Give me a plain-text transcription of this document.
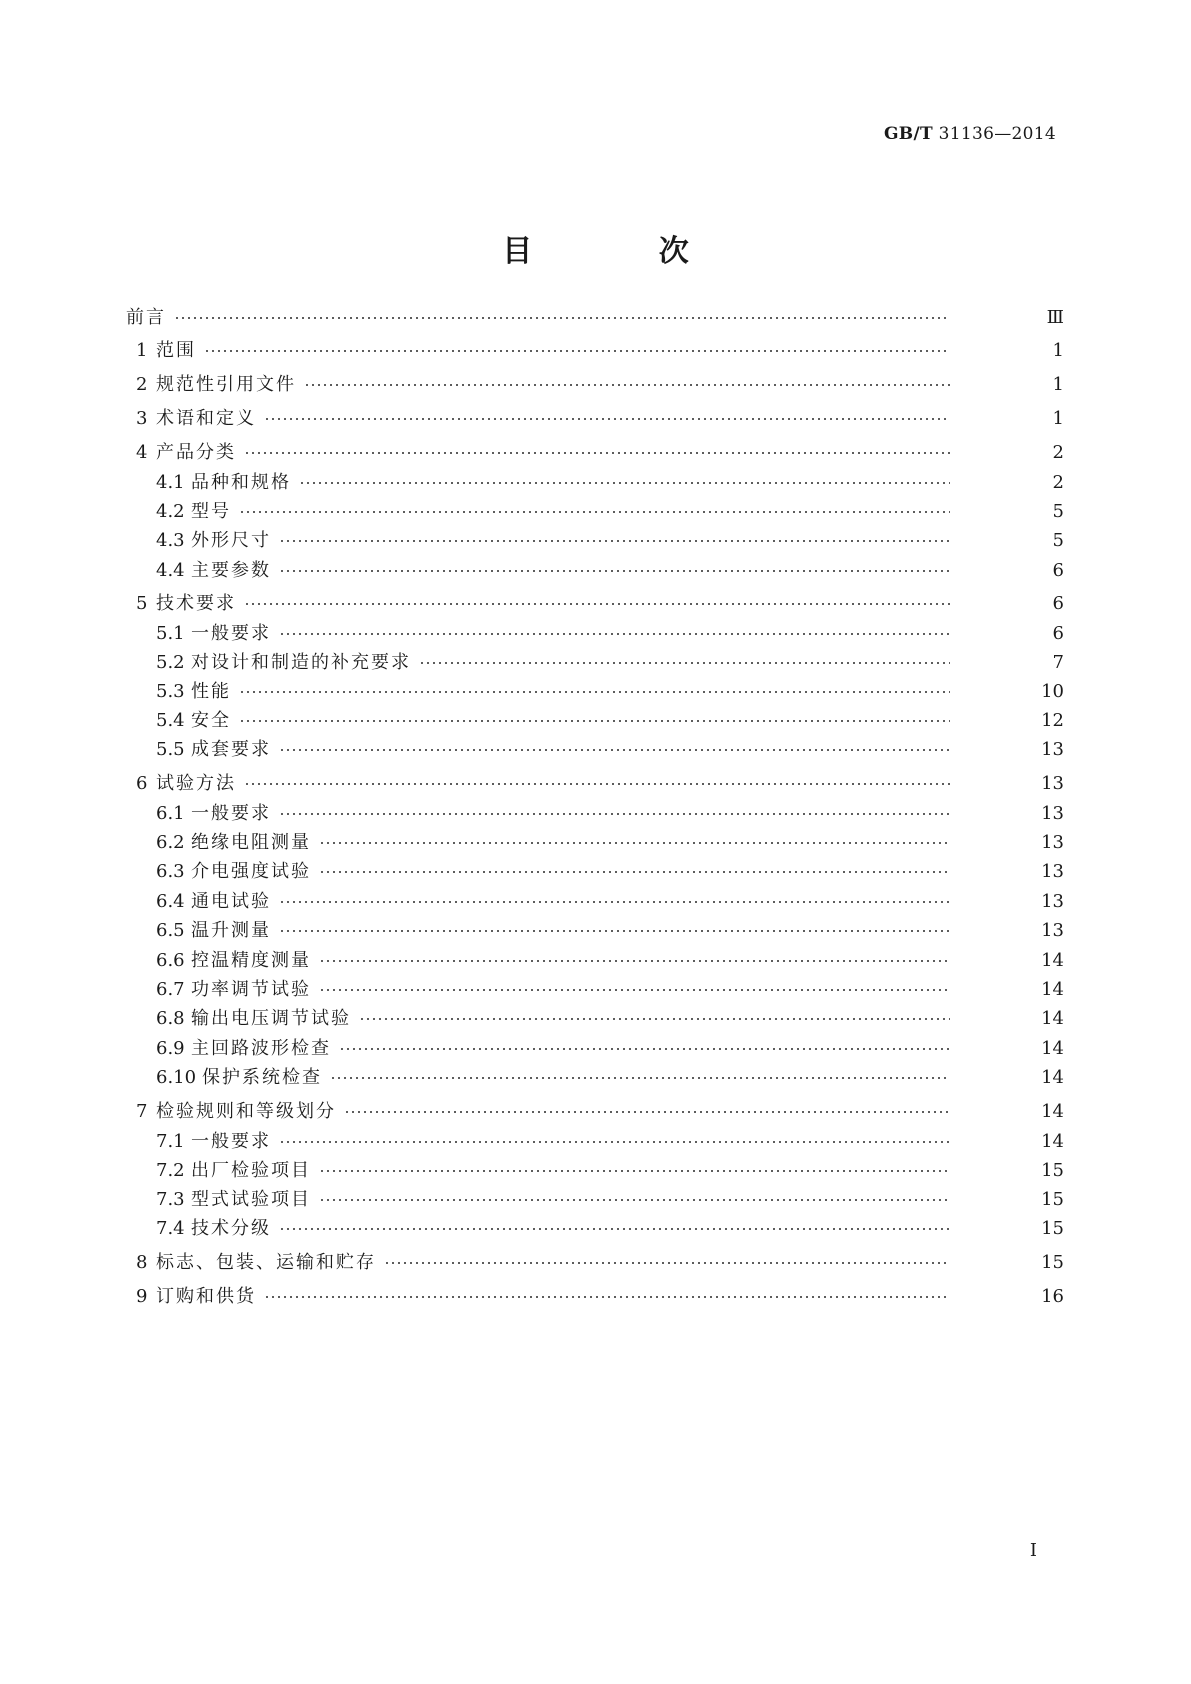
GB/T 31136—2014
目 次
前言	Ⅲ
1 范围	1
2 规范性引用文件	1
3 术语和定义	1
4 产品分类	2
4.1 品种和规格	2
4.2 型号	5
4.3 外形尺寸	5
4.4 主要参数	6
5 技术要求	6
5.1 一般要求	6
5.2 对设计和制造的补充要求	7
5.3 性能	10
5.4 安全	12
5.5 成套要求	13
6 试验方法	13
6.1 一般要求	13
6.2 绝缘电阻测量	13
6.3 介电强度试验	13
6.4 通电试验	13
6.5 温升测量	13
6.6 控温精度测量	14
6.7 功率调节试验	14
6.8 输出电压调节试验	14
6.9 主回路波形检查	14
6.10 保护系统检查	14
7 检验规则和等级划分	14
7.1 一般要求	14
7.2 出厂检验项目	15
7.3 型式试验项目	15
7.4 技术分级	15
8 标志、包装、运输和贮存	15
9 订购和供货	16
I
